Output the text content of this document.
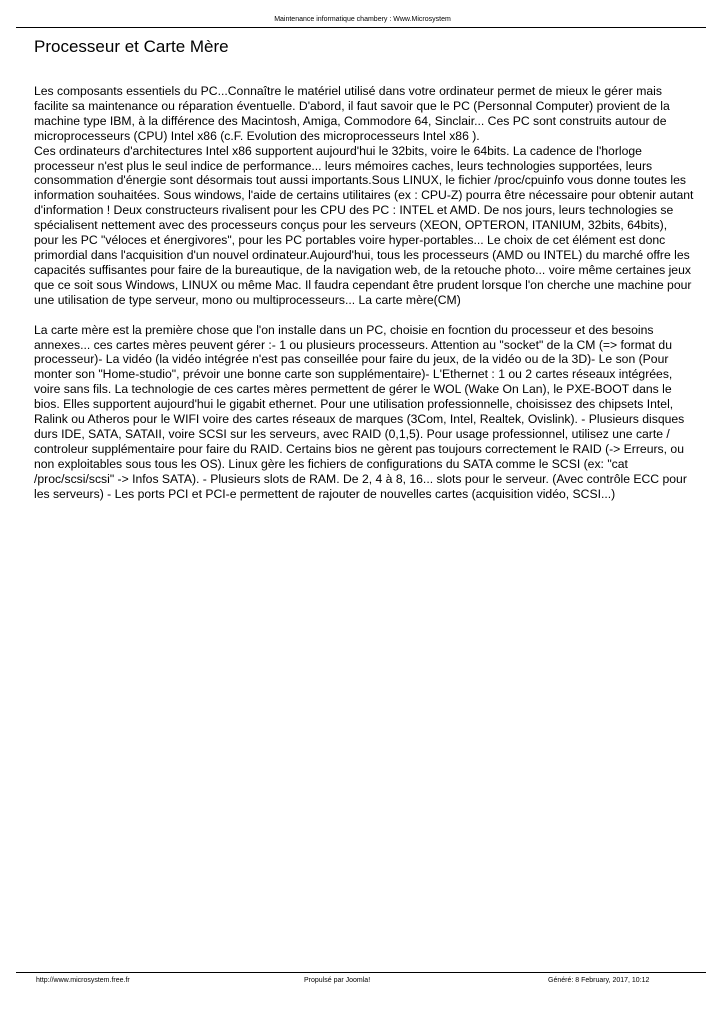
Maintenance informatique chambery : Www.Microsystem
Processeur et Carte Mère

Les composants essentiels du PC...Connaître le matériel utilisé dans votre ordinateur permet de mieux le gérer mais facilite sa maintenance ou réparation éventuelle. D'abord, il faut savoir que le PC (Personnal Computer) provient de la machine type IBM, à la différence des Macintosh, Amiga, Commodore 64, Sinclair... Ces PC sont construits autour de microprocesseurs (CPU) Intel x86 (c.F. Evolution des microprocesseurs Intel x86 ).

Ces ordinateurs d'architectures Intel x86 supportent aujourd'hui le 32bits, voire le 64bits. La cadence de l'horloge processeur n'est plus le seul indice de performance... leurs mémoires caches, leurs technologies supportées, leurs consommation d'énergie sont désormais tout aussi importants.Sous LINUX, le fichier /proc/cpuinfo vous donne toutes les information souhaitées. Sous windows, l'aide de certains utilitaires (ex : CPU-Z) pourra être nécessaire pour obtenir autant d'information ! Deux constructeurs rivalisent pour les CPU des PC : INTEL et AMD. De nos jours, leurs technologies se spécialisent nettement avec des processeurs conçus pour les serveurs (XEON, OPTERON, ITANIUM, 32bits, 64bits), pour les PC "véloces et énergivores", pour les PC portables voire hyper-portables... Le choix de cet élément est donc primordial dans l'acquisition d'un nouvel ordinateur.Aujourd'hui, tous les processeurs (AMD ou INTEL) du marché offre les capacités suffisantes pour faire de la bureautique, de la navigation web, de la retouche photo... voire même certaines jeux que ce soit sous Windows, LINUX ou même Mac. Il faudra cependant être prudent lorsque l'on cherche une machine pour une utilisation de type serveur, mono ou multiprocesseurs... La carte mère(CM)

La carte mère est la première chose que l'on installe dans un PC, choisie en focntion du processeur et des besoins annexes... ces cartes mères peuvent gérer :- 1 ou plusieurs processeurs. Attention au "socket" de la CM (=> format du processeur)- La vidéo (la vidéo intégrée n'est pas conseillée pour faire du jeux, de la vidéo ou de la 3D)- Le son (Pour monter son "Home-studio", prévoir une bonne carte son supplémentaire)- L'Ethernet : 1 ou 2 cartes réseaux intégrées, voire sans fils. La technologie de ces cartes mères permettent de gérer le WOL (Wake On Lan), le PXE-BOOT dans le bios. Elles supportent aujourd'hui le gigabit ethernet. Pour une utilisation professionnelle, choisissez des chipsets Intel, Ralink ou Atheros pour le WIFI voire des cartes réseaux de marques (3Com, Intel, Realtek, Ovislink). - Plusieurs disques durs IDE, SATA, SATAII, voire SCSI sur les serveurs, avec RAID (0,1,5). Pour usage professionnel, utilisez une carte / controleur supplémentaire pour faire du RAID. Certains bios ne gèrent pas toujours correctement le RAID (-> Erreurs, ou non exploitables sous tous les OS). Linux gère les fichiers de configurations du SATA comme le SCSI (ex: "cat /proc/scsi/scsi" -> Infos SATA). - Plusieurs slots de RAM. De 2, 4 à 8, 16... slots pour le serveur. (Avec contrôle ECC pour les serveurs) - Les ports PCI et PCI-e permettent de rajouter de nouvelles cartes (acquisition vidéo, SCSI...)

http://www.microsystem.free.fr	Propulsé par Joomla!	Généré: 8 February, 2017, 10:12
